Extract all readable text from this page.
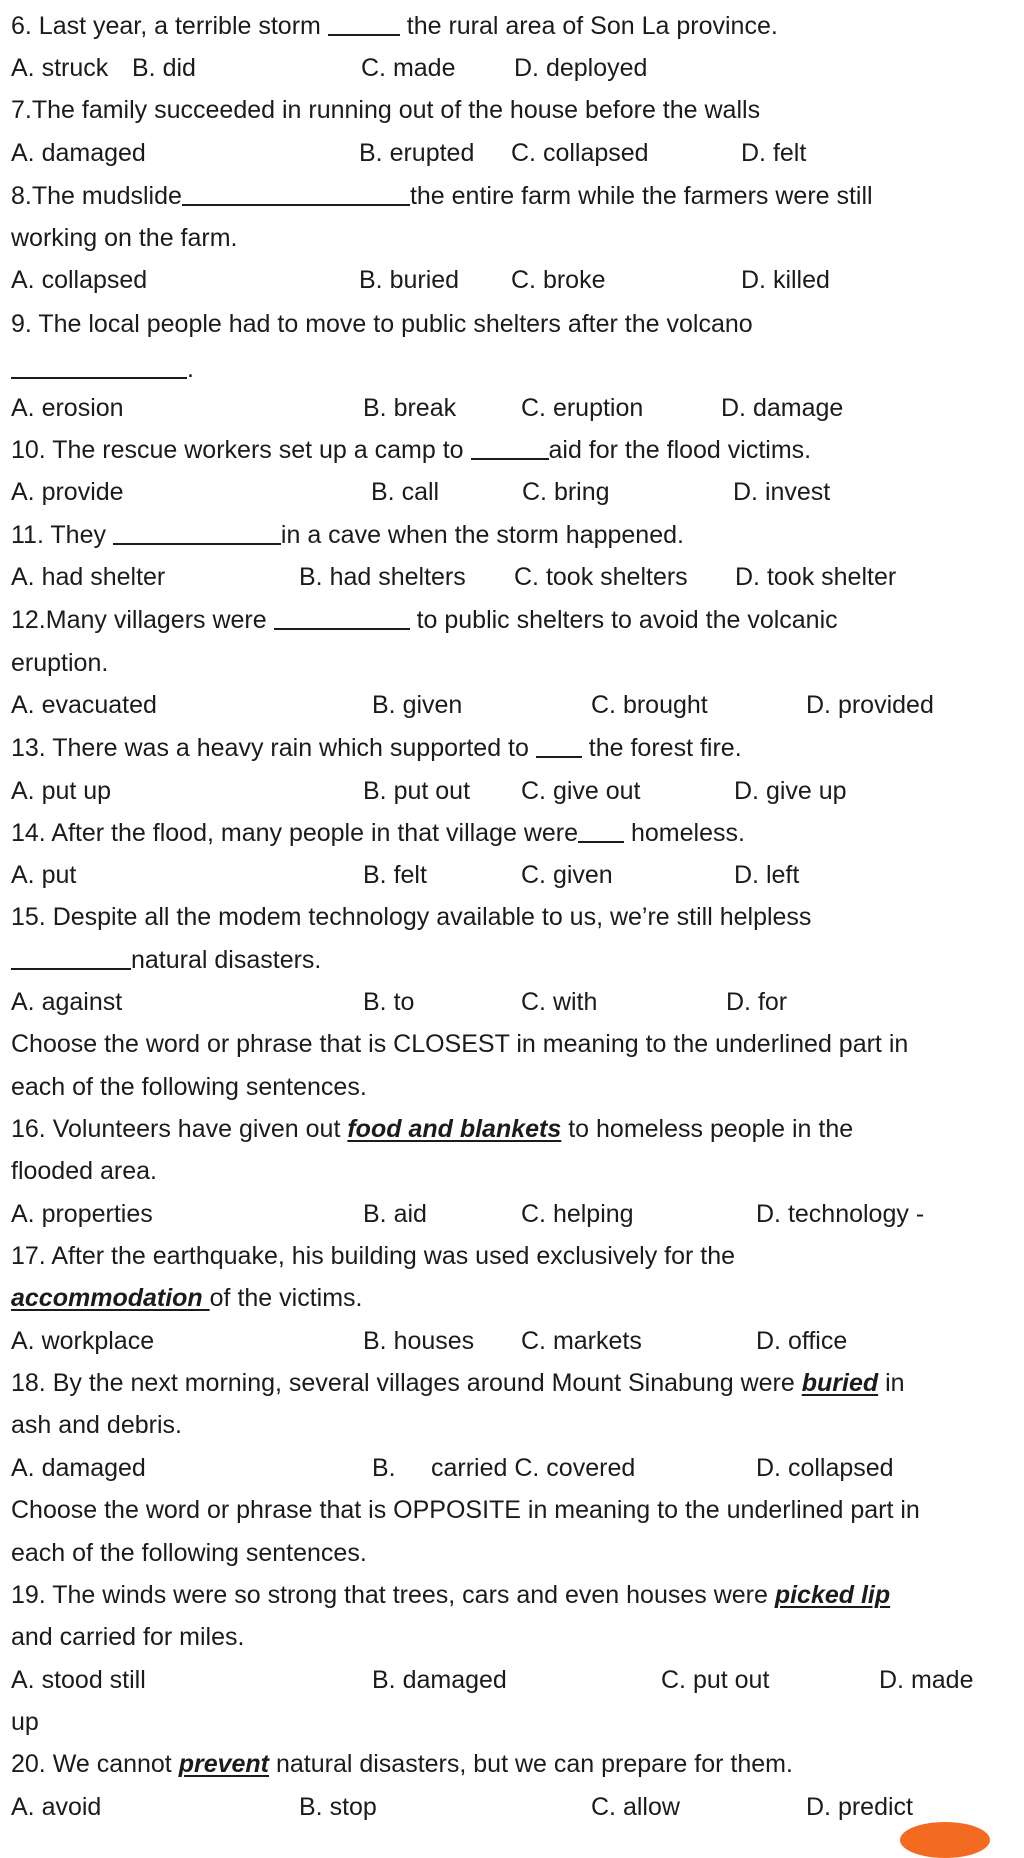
6. Last year, a terrible storm	the rural area of Son La province.
A. struck B. did	C. made D. deployed
7.The family succeeded in running out of the house before the walls
A. damaged	B. erupted C. collapsed	D. felt
8.The mudslide	the entire farm while the farmers were still
working on the farm.
A. collapsed	B. buried C. broke	D. killed
9. The local people had to move to public shelters after the volcano
.
A. erosion	B. break	C. eruption	D. damage
10. The rescue workers set up a camp to	aid for the flood victims.
A. provide	B. call	C. bring	D. invest
11. They	in a cave when the storm happened.
A. had shelter	B. had shelters C. took shelters D. took shelter
12.Many villagers were	to public shelters to avoid the volcanic
eruption.
A. evacuated	B. given	C. brought	D. provided
13. There was a heavy rain which supported to  the forest fire.
A. put up	B. put out C. give out	D. give up
14. After the flood, many people in that village were homeless.
A. put	B. felt	C. given	D. left
15. Despite all the modem technology available to us, we’re still helpless
natural disasters.
A. against	B. to	C. with	D. for
Choose the word or phrase that is CLOSEST in meaning to the underlined part in
each of the following sentences.
16. Volunteers have given out food and blankets to homeless people in the
flooded area.
A. properties	B. aid	C. helping	D. technology -
17. After the earthquake, his building was used exclusively for the
accommodation of the victims.
A. workplace	B. houses C. markets	D. office
18. By the next morning, several villages around Mount Sinabung were buried in
ash and debris.
A. damaged	B. carried C. covered	D. collapsed
Choose the word or phrase that is OPPOSITE in meaning to the underlined part in
each of the following sentences.
19. The winds were so strong that trees, cars and even houses were picked lip
and carried for miles.
A. stood still	B. damaged	C. put out	D. made
up
20. We cannot prevent natural disasters, but we can prepare for them.
A. avoid	B. stop	C. allow	D. predict
